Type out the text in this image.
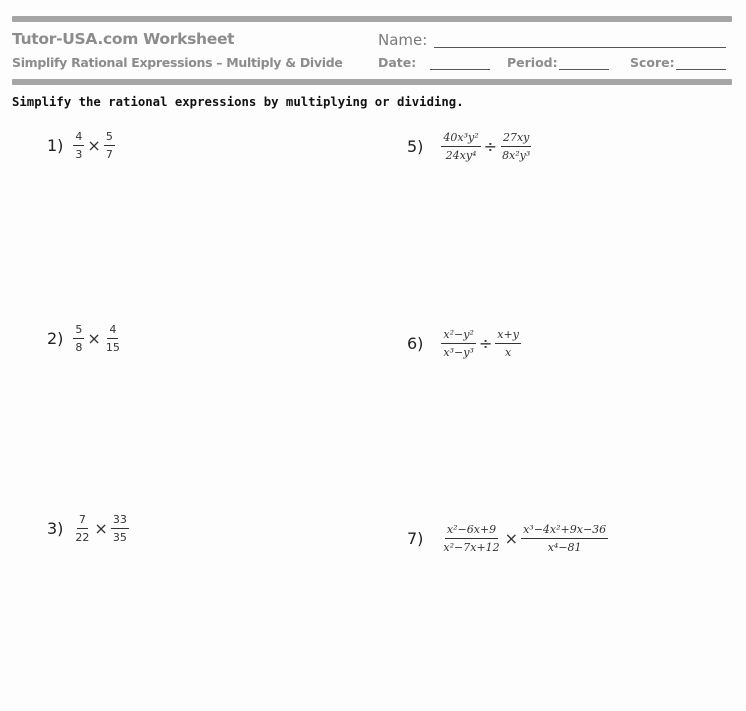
Tutor-USA.com Worksheet
Simplify Rational Expressions – Multiply & Divide
Name:
Date:	Period:	Score:
Simplify the rational expressions by multiplying or dividing.
$1) \frac{4}{3} \times \frac{5}{7}$
$2) \frac{5}{8} \times \frac{4}{15}$
$3) \frac{7}{22} \times \frac{33}{35}$
$5) \frac{\text{40x³y²}}{\text{24xy⁴}} \div \frac{27xy}{\text{8x²y³}}$
$6) \frac{\text{x²−y²}}{\text{x³−y³}} \div \frac{x+y}{x}$
$7) \frac{\text{x²−6x+9}}{\text{x²−7x+12}} \times \frac{\text{x³−4x²+9x−36}}{\text{x⁴−81}}$
